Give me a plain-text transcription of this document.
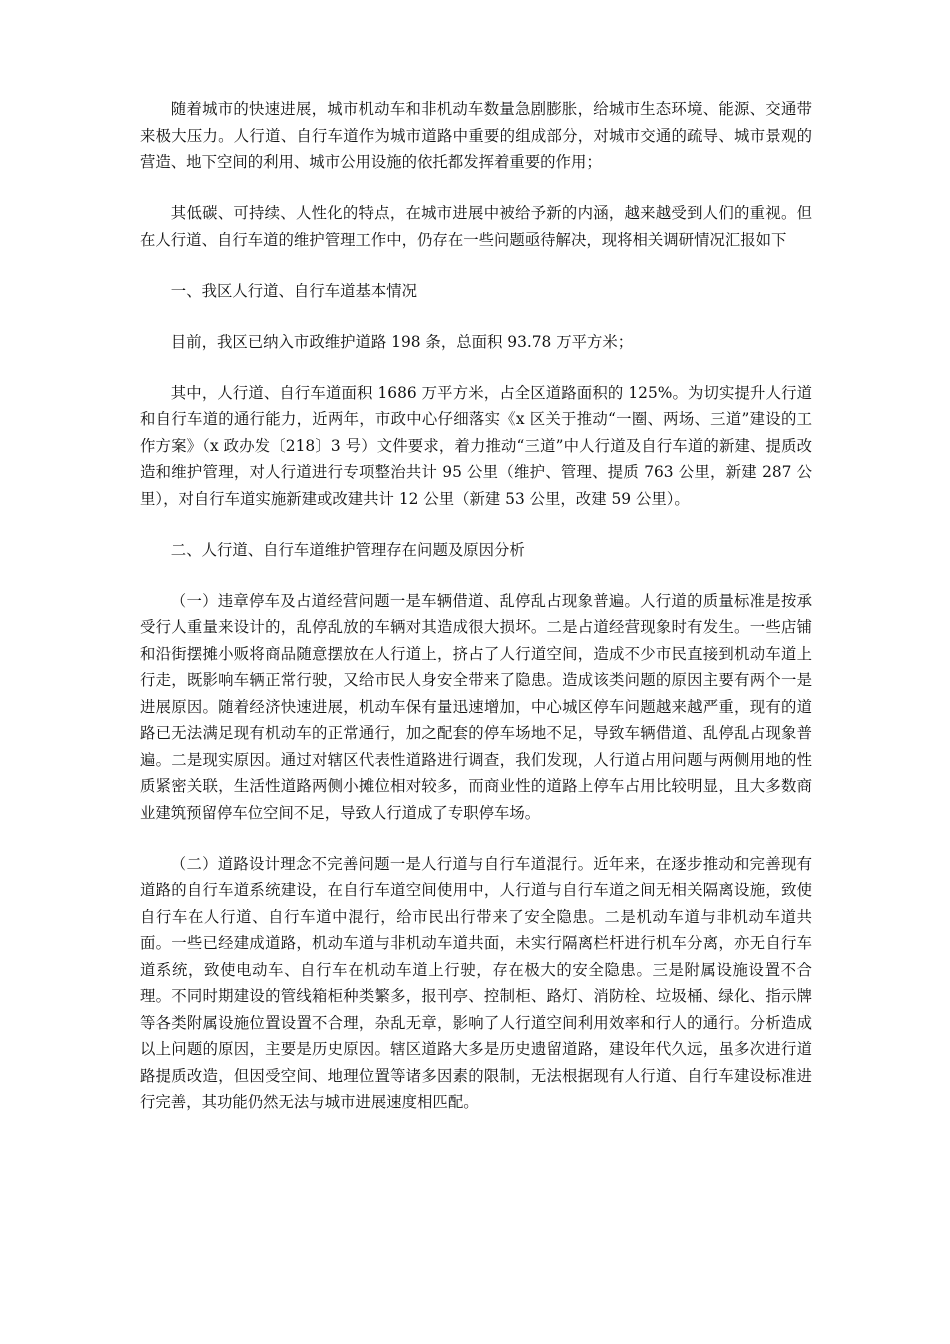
随着城市的快速进展，城市机动车和非机动车数量急剧膨胀，给城市生态环境、能源、交通带来极大压力。人行道、自行车道作为城市道路中重要的组成部分，对城市交通的疏导、城市景观的营造、地下空间的利用、城市公用设施的依托都发挥着重要的作用；

其低碳、可持续、人性化的特点，在城市进展中被给予新的内涵，越来越受到人们的重视。但在人行道、自行车道的维护管理工作中，仍存在一些问题亟待解决，现将相关调研情况汇报如下

一、我区人行道、自行车道基本情况

目前，我区已纳入市政维护道路 198 条，总面积 93.78 万平方米；

其中，人行道、自行车道面积 1686 万平方米，占全区道路面积的 125%。为切实提升人行道和自行车道的通行能力，近两年，市政中心仔细落实《x 区关于推动“一圈、两场、三道”建设的工作方案》（x 政办发〔218〕3 号）文件要求，着力推动“三道”中人行道及自行车道的新建、提质改造和维护管理，对人行道进行专项整治共计 95 公里（维护、管理、提质 763 公里，新建 287 公里），对自行车道实施新建或改建共计 12 公里（新建 53 公里，改建 59 公里）。

二、人行道、自行车道维护管理存在问题及原因分析

（一）违章停车及占道经营问题一是车辆借道、乱停乱占现象普遍。人行道的质量标准是按承受行人重量来设计的，乱停乱放的车辆对其造成很大损坏。二是占道经营现象时有发生。一些店铺和沿街摆摊小贩将商品随意摆放在人行道上，挤占了人行道空间，造成不少市民直接到机动车道上行走，既影响车辆正常行驶，又给市民人身安全带来了隐患。造成该类问题的原因主要有两个一是进展原因。随着经济快速进展，机动车保有量迅速增加，中心城区停车问题越来越严重，现有的道路已无法满足现有机动车的正常通行，加之配套的停车场地不足，导致车辆借道、乱停乱占现象普遍。二是现实原因。通过对辖区代表性道路进行调查，我们发现，人行道占用问题与两侧用地的性质紧密关联，生活性道路两侧小摊位相对较多，而商业性的道路上停车占用比较明显，且大多数商业建筑预留停车位空间不足，导致人行道成了专职停车场。

（二）道路设计理念不完善问题一是人行道与自行车道混行。近年来，在逐步推动和完善现有道路的自行车道系统建设，在自行车道空间使用中，人行道与自行车道之间无相关隔离设施，致使自行车在人行道、自行车道中混行，给市民出行带来了安全隐患。二是机动车道与非机动车道共面。一些已经建成道路，机动车道与非机动车道共面，未实行隔离栏杆进行机车分离，亦无自行车道系统，致使电动车、自行车在机动车道上行驶，存在极大的安全隐患。三是附属设施设置不合理。不同时期建设的管线箱柜种类繁多，报刊亭、控制柜、路灯、消防栓、垃圾桶、绿化、指示牌等各类附属设施位置设置不合理，杂乱无章，影响了人行道空间利用效率和行人的通行。分析造成以上问题的原因，主要是历史原因。辖区道路大多是历史遗留道路，建设年代久远，虽多次进行道路提质改造，但因受空间、地理位置等诸多因素的限制，无法根据现有人行道、自行车建设标准进行完善，其功能仍然无法与城市进展速度相匹配。
